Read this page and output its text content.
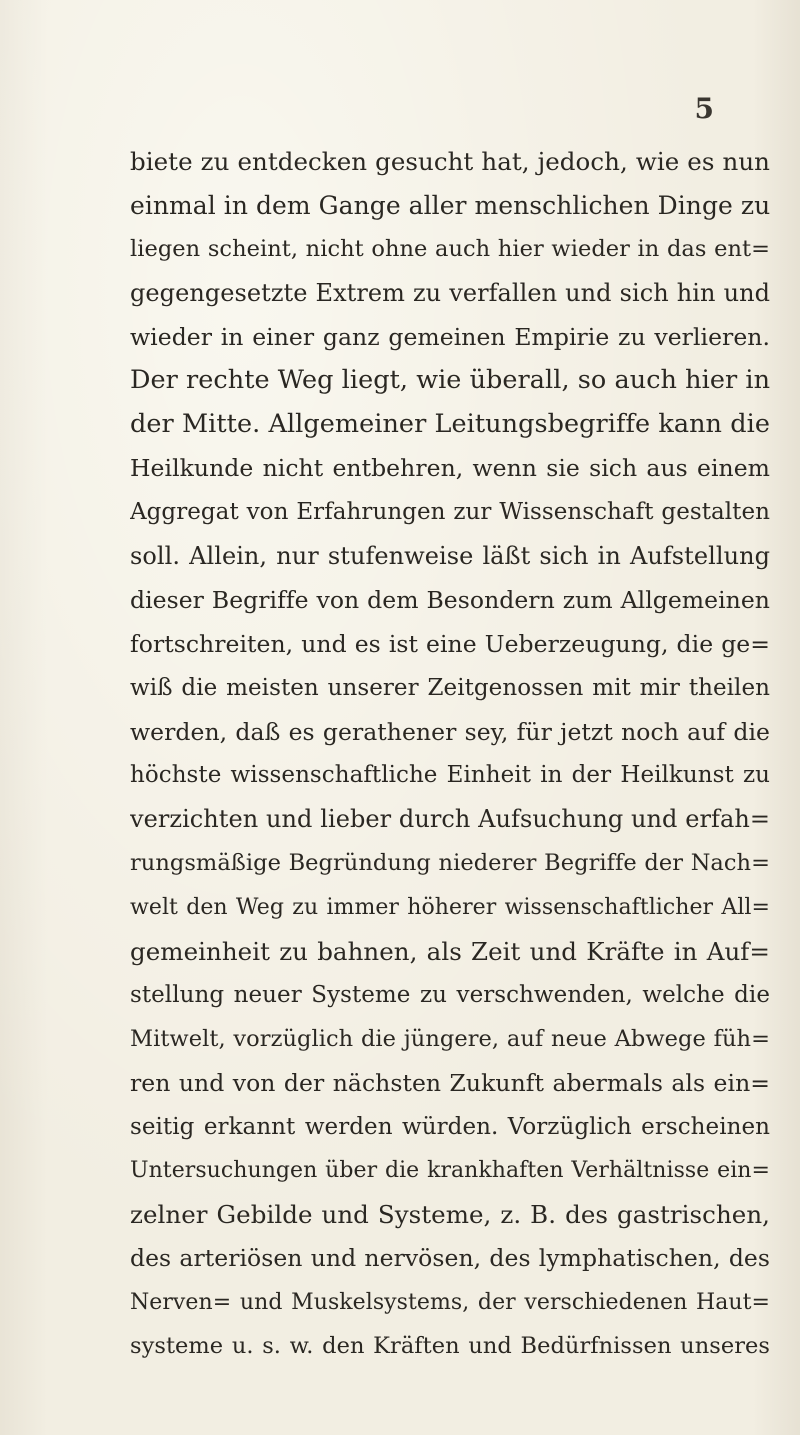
5
biete zu entdecken gesucht hat, jedoch, wie es nun
einmal in dem Gange aller menschlichen Dinge zu
liegen scheint, nicht ohne auch hier wieder in das ent=
gegengesetzte Extrem zu verfallen und sich hin und
wieder in einer ganz gemeinen Empirie zu verlieren.
Der rechte Weg liegt, wie überall, so auch hier in
der Mitte. Allgemeiner Leitungsbegriffe kann die
Heilkunde nicht entbehren, wenn sie sich aus einem
Aggregat von Erfahrungen zur Wissenschaft gestalten
soll. Allein, nur stufenweise läßt sich in Aufstellung
dieser Begriffe von dem Besondern zum Allgemeinen
fortschreiten, und es ist eine Ueberzeugung, die ge=
wiß die meisten unserer Zeitgenossen mit mir theilen
werden, daß es gerathener sey, für jetzt noch auf die
höchste wissenschaftliche Einheit in der Heilkunst zu
verzichten und lieber durch Aufsuchung und erfah=
rungsmäßige Begründung niederer Begriffe der Nach=
welt den Weg zu immer höherer wissenschaftlicher All=
gemeinheit zu bahnen, als Zeit und Kräfte in Auf=
stellung neuer Systeme zu verschwenden, welche die
Mitwelt, vorzüglich die jüngere, auf neue Abwege füh=
ren und von der nächsten Zukunft abermals als ein=
seitig erkannt werden würden. Vorzüglich erscheinen
Untersuchungen über die krankhaften Verhältnisse ein=
zelner Gebilde und Systeme, z. B. des gastrischen,
des arteriösen und nervösen, des lymphatischen, des
Nerven= und Muskelsystems, der verschiedenen Haut=
systeme u. s. w. den Kräften und Bedürfnissen unseres
